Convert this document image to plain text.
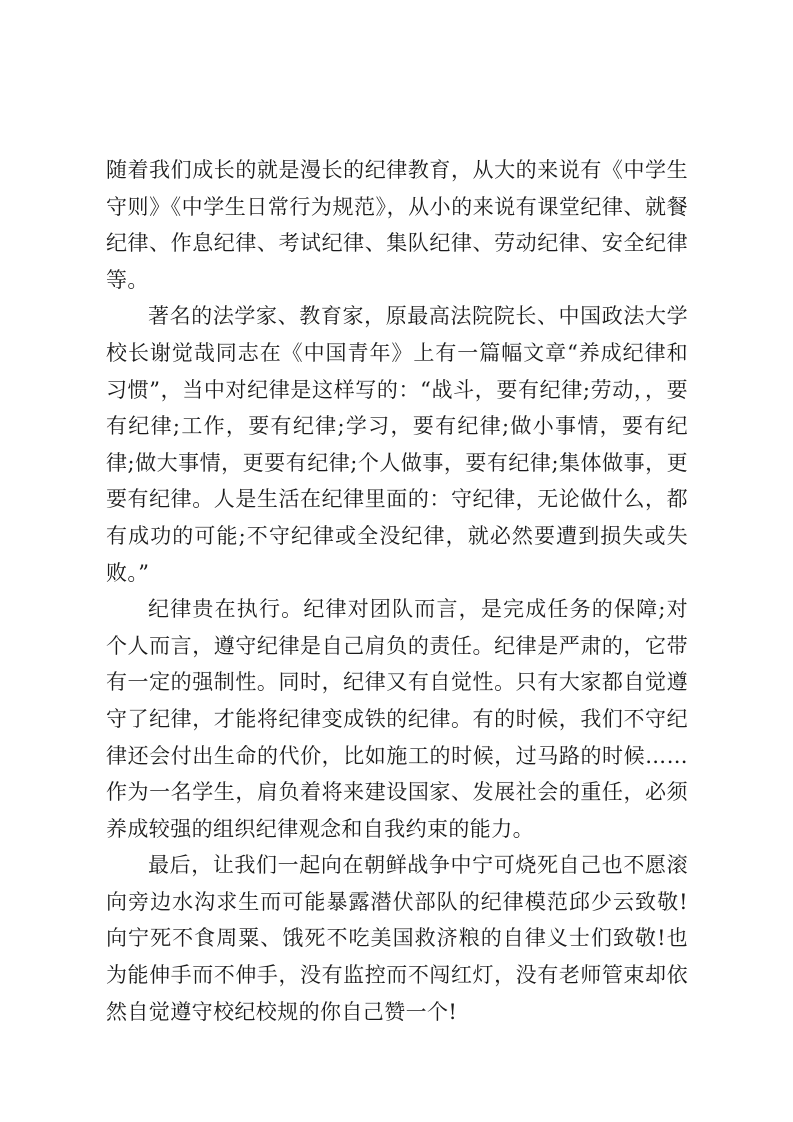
随着我们成长的就是漫长的纪律教育，从大的来说有《中学生守则》《中学生日常行为规范》，从小的来说有课堂纪律、就餐纪律、作息纪律、考试纪律、集队纪律、劳动纪律、安全纪律等。

著名的法学家、教育家，原最高法院院长、中国政法大学校长谢觉哉同志在《中国青年》上有一篇幅文章“养成纪律和习惯”，当中对纪律是这样写的：“战斗，要有纪律;劳动，，要有纪律;工作，要有纪律;学习，要有纪律;做小事情，要有纪律;做大事情，更要有纪律;个人做事，要有纪律;集体做事，更要有纪律。人是生活在纪律里面的：守纪律，无论做什么，都有成功的可能;不守纪律或全没纪律，就必然要遭到损失或失败。”

纪律贵在执行。纪律对团队而言，是完成任务的保障;对个人而言，遵守纪律是自己肩负的责任。纪律是严肃的，它带有一定的强制性。同时，纪律又有自觉性。只有大家都自觉遵守了纪律，才能将纪律变成铁的纪律。有的时候，我们不守纪律还会付出生命的代价，比如施工的时候，过马路的时候……作为一名学生，肩负着将来建设国家、发展社会的重任，必须养成较强的组织纪律观念和自我约束的能力。

最后，让我们一起向在朝鲜战争中宁可烧死自己也不愿滚向旁边水沟求生而可能暴露潜伏部队的纪律模范邱少云致敬!向宁死不食周粟、饿死不吃美国救济粮的自律义士们致敬!也为能伸手而不伸手，没有监控而不闯红灯，没有老师管束却依然自觉遵守校纪校规的你自己赞一个!
